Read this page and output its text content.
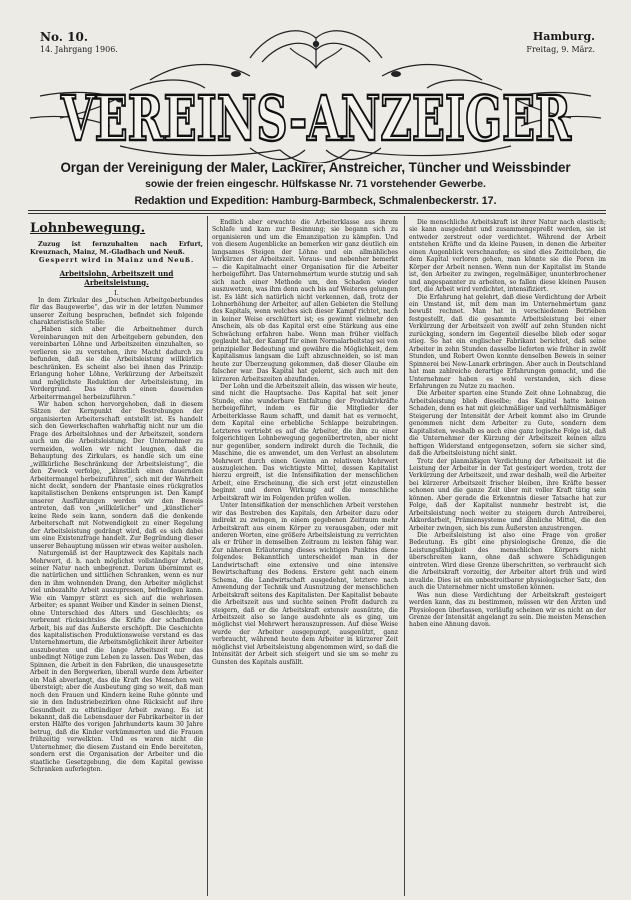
No. 10.
14. Jahrgang 1906.
Hamburg.
Freitag, 9. März.
VEREINS-ANZEIGER
Organ der Vereinigung der Maler, Lackirer, Anstreicher, Tüncher und Weissbinder
sowie der freien eingeschr. Hülfskasse Nr. 71 vorstehender Gewerbe.
Redaktion und Expedition: Hamburg-Barmbeck, Schmalenbeckerstr. 17.
Lohnbewegung.

Zuzug ist fernzuhalten nach Erfurt, Kreuznach, Mainz, M.-Gladbach und Neuß.

Gesperrt wird in Mainz und Neuß.
Arbeitslohn, Arbeitszeit und Arbeitsleistung.
I.

In dem Zirkular des „Deutschen Arbeitgeberbundes für das Baugewerbe“, das wir in der letzten Nummer unserer Zeitung besprachen, befindet sich folgende charakteristische Stelle:

„Haben sich aber die Arbeitnehmer durch Vereinbarungen mit den Arbeitgebern gebunden, den vereinbarten Löhne und Arbeitszeiten einzuhalten, so verlieren sie zu verstehen, ihre Macht dadurch zu befunden, daß sie die Arbeitsleistung willkürlich beschränken. Es scheint also bei ihnen das Prinzip: Erlangung hoher Löhne, Verkürzung der Arbeitszeit und möglichste Reduktion der Arbeitsleistung, im Vordergrund. Das durch einen dauernden Arbeiterrmangel herbeizuführen.“

Wir haben schon hervorgehoben, daß in diesem Sätzen der Kernpunkt der Bestrebungen der organisierten Arbeiterschaft entstellt ist. Es handelt sich den Gewerkschaften wahrhaftig nicht nur um die Frage des Arbeitslohnes und der Arbeitszeit, sondern auch um die Arbeitsleistung. Der Unternehmer zu vermeiden, wollen wir nicht leugnen, daß die Behauptung des Zirkulars, es handle sich um eine „willkürliche Beschränkung der Arbeitsleistung“, die den Zweck verfolge, „künstlich einen dauernden Arbeitermangel herbeizuführen“, sich mit der Wahrheit nicht deckt, sondern der Phantasie eines rückgratlos kapitalistischen Denkens entsprungen ist. Den Kampf unserer Ausführungen werden wir den Beweis antreten, daß von „willkürlicher“ und „künstlicher“ keine Rede sein kann, sondern daß die denkende Arbeiterschaft mit Notwendigkeit zu einer Regelung der Arbeitsleistung gedrängt wird, daß es sich dabei um eine Existenzfrage handelt. Zur Begründung dieser unserer Behauptung müssen wir etwas weiter ausholen.

Naturgemäß ist der Hauptzweck des Kapitals nach Mehrwert, d. h. nach möglichst vollständiger Arbeit, seiner Natur nach unbegrenzt. Darum übernimmt es die natürlichen und sittlichen Schranken, wenn es nur den in ihm wohnenden Drang, den Arbeiter möglichst viel unbezahlte Arbeit auszupressen, befriedigen kann. Wie ein Vampyr stürzt es sich auf die wehrlosen Arbeiter; es spannt Weiber und Kinder in seinen Dienst, ohne Unterschied des Alters und Geschlechts; es verbrennt rücksichtslos die Kräfte der schaffenden Arbeit, bis auf das Äußerste erschöpft. Die Geschichte des kapitalistischen Produktionsweise verstand es das Unternehmertum, die Arbeitsmöglichkeit ihrer Arbeiter auszubeuten und die lange Arbeitszeit nur das unbedingt Nötige zum Leben zu lassen. Das Weben, das Spinnen, die Arbeit in den Fabriken, die unausgesetzte Arbeit in den Bergwerken, überall wurde dem Arbeiter ein Maß abverlangt, das die Kraft des Menschen weit übersteigt; aber die Ausbeutung ging so weit, daß man noch den Frauen und Kindern keine Ruhe gönnte und sie in den Industriebezirken ohne Rücksicht auf ihre Gesundheit zu elfstündiger Arbeit zwang. Es ist bekannt, daß die Lebensdauer der Fabrikarbeiter in der ersten Hälfte des vorigen Jahrhunderts kaum 30 Jahre betrug, daß die Kinder verkümmerten und die Frauen frühzeitig verwelkten. Und es waren nicht die Unternehmer, die diesem Zustand ein Ende bereiteten, sondern erst die Organisation der Arbeiter und die staatliche Gesetzgebung, die dem Kapital gewisse Schranken auferlegten.

Endlich aber erwachte die Arbeiterklasse aus ihrem Schlafe und kam zur Besinnung; sie begann sich zu organisieren und um die Emanzipation zu kämpfen. Und von diesem Augenblicke an bemerken wir ganz deutlich ein langsames Steigen der Löhne und ein allmähliches Verkürzen der Arbeitszeit. Voraus- und nebenher bemerkt — die Kapitalmacht einer Organisation für die Arbeiter herbeigeführt. Das Unternehmertum wurde stutzig und sah sich nach einer Methode um, den Schaden wieder auszuwetzen, was ihm denn auch bis auf Weiteres gelungen ist. Es läßt sich natürlich nicht verkennen, daß, trotz der Lohnerhöhung der Arbeiter, auf allen Gebieten die Stellung des Kapitals, wenn welches sich dieser Kampf richtet, nach in keiner Weise erschüttert ist; es gewinnt vielmehr den Anschein, als ob das Kapital erst eine Stärkung aus eine Schwächung erfahren habe. Wenn man früher vielfach geglaubt hat, der Kampf für einen Normalarbeitstag sei von prinzipieller Bedeutung und gewähre die Möglichkeit, dem Kapitalismus langsam die Luft abzuschneiden, so ist man heute zur Überzeugung gekommen, daß dieser Glaube ein falscher war. Das Kapital hat gelernt, sich auch mit den kürzeren Arbeitszeiten abzufinden.

Der Lohn und die Arbeitszeit allein, das wissen wir heute, sind nicht die Hauptsache. Das Kapital hat seit jener Stunde, eine wunderbare Entfaltung der Produktivkräfte herbeigeführt, indem es für die Mitglieder der Arbeiterklasse Raum schafft, und damit hat es vermocht, dem Kapital eine erhebliche Schlappe beizubringen. Letzteres vertriebt es auf die Arbeiter, die ihm zu einer folgerichtigen Lohnbewegung gegenübertreten, aber nicht nur gegenüber, sondern indirekt durch die Technik, die Maschine, die es anwendet, um den Verlust an absolutem Mehrwert durch einen Gewinn an relativem Mehrwert auszugleichen. Das wichtigste Mittel, dessen Kapitalist hierzu ergreift, ist die Intensifikation der menschlichen Arbeit, eine Erscheinung, die sich erst jetzt einzustellen beginnt und deren Wirkung auf die menschliche Arbeitskraft wir im Folgenden prüfen wollen.

Unter Intensifikation der menschlichen Arbeit verstehen wir das Bestreben des Kapitals, den Arbeiter dazu oder indirekt zu zwingen, in einem gegebenen Zeitraum mehr Arbeitskraft aus einem Körper zu verausgaben, oder mit anderen Worten, eine größere Arbeitsleistung zu verrichten als er früher in demselben Zeitraum zu leisten fähig war. Zur näheren Erläuterung dieses wichtigen Punktes diene folgendes: Bekanntlich unterscheidet man in der Landwirtschaft eine extensive und eine intensive Bewirtschaftung des Bodens. Erstere geht nach einem Schema, die Landwirtschaft ausgedehnt, letztere nach Anwendung der Technik und Ausnutzung der menschlichen Arbeitskraft seitens des Kapitalisten. Der Kapitalist bebaute die Arbeitszeit aus und suchte seinen Profit dadurch zu steigern, daß er die Arbeitskraft extensiv ausnützte, die Arbeitszeit also so lange ausdehnte als es ging, um möglichst viel Mehrwert herauszupressen. Auf diese Weise wurde der Arbeiter ausgepumpt, ausgenützt, ganz verbraucht, während heute dem Arbeiter in kürzerer Zeit möglichst viel Arbeitsleistung abgenommen wird, so daß die Intensität der Arbeit sich steigert und sie um so mehr zu Gunsten des Kapitals ausfällt.

Die menschliche Arbeitskraft ist ihrer Natur nach elastisch; sie kann ausgedehnt und zusammengepreßt werden, sie ist entweder zerstreut oder verdichtet. Während der Arbeit entstehen Kräfte und da kleine Pausen, in denen die Arbeiter einen Augenblick verschnaufen; es sind dies Zeitteilchen, die dem Kapital verloren gehen, man könnte sie die Poren im Körper der Arbeit nennen. Wenn nun der Kapitalist im Stande ist, den Arbeiter zu zwingen, regelmäßiger, ununterbrochener und angespannter zu arbeiten, so fallen diese kleinen Pausen fort, die Arbeit wird verdichtet, intensifiziert.

Die Erfahrung hat gelehrt, daß diese Verdichtung der Arbeit ein Umstand ist, mit dem man im Unternehmertum ganz bewußt rechnet. Man hat in verschiedenen Betrieben festgestellt, daß die gesammte Arbeitsleistung bei einer Verkürzung der Arbeitszeit von zwölf auf zehn Stunden nicht zurückging, sondern im Gegenteil dieselbe blieb oder sogar stieg. So hat ein englischer Fabrikant berichtet, daß seine Arbeiter in zehn Stunden dasselbe lieferten wie früher in zwölf Stunden, und Robert Owen konnte denselben Beweis in seiner Spinnerei bei New-Lanark erbringen. Aber auch in Deutschland hat man zahlreiche derartige Erfahrungen gemacht, und die Unternehmer haben es wohl verstanden, sich diese Erfahrungen zu Nutze zu machen.

Die Arbeiter sparten eine Stunde Zeit ohne Lohnabzug, die Arbeitsleistung blieb dieselbe; das Kapital hatte keinen Schaden, denn es hat mit gleichmäßiger und verhältnismäßiger Steigerung der Intensität der Arbeit kommt also im Grunde genommen nicht dem Arbeiter zu Gute, sondern dem Kapitalisten, weshalb es auch eine ganz logische Folge ist, daß die Unternehmer der Kürzung der Arbeitszeit keinen allzu heftigen Widerstand entgegensetzen, sofern sie sicher sind, daß die Arbeitsleistung nicht sinkt.

Trotz der planmäßigen Verdichtung der Arbeitszeit ist die Leistung der Arbeiter in der Tat gesteigert worden, trotz der Verkürzung der Arbeitszeit, und zwar deshalb, weil die Arbeiter bei kürzerer Arbeitszeit frischer bleiben, ihre Kräfte besser schonen und die ganze Zeit über mit voller Kraft tätig sein können. Aber gerade die Erkenntnis dieser Tatsache hat zur Folge, daß der Kapitalist nunmehr bestrebt ist, die Arbeitsleistung noch weiter zu steigern durch Antreiberei, Akkordarbeit, Prämiensysteme und ähnliche Mittel, die den Arbeiter zwingen, sich bis zum Äußersten anzustrengen.

Die Arbeitsleistung ist also eine Frage von großer Bedeutung. Es gibt eine physiologische Grenze, die die Leistungsfähigkeit des menschlichen Körpers nicht überschreiten kann, ohne daß schwere Schädigungen eintreten. Wird diese Grenze überschritten, so verbraucht sich die Arbeitskraft vorzeitig, der Arbeiter altert früh und wird invalide. Dies ist ein unbestreitbarer physiologischer Satz, den auch die Unternehmer nicht umstoßen können.

Was nun diese Verdichtung der Arbeitskraft gesteigert werden kann, das zu bestimmen, müssen wir den Ärzten und Physiologen überlassen, vorläufig scheinen wir es nicht an der Grenze der Intensität angelangt zu sein. Die meisten Menschen haben eine Ahnung davon.
